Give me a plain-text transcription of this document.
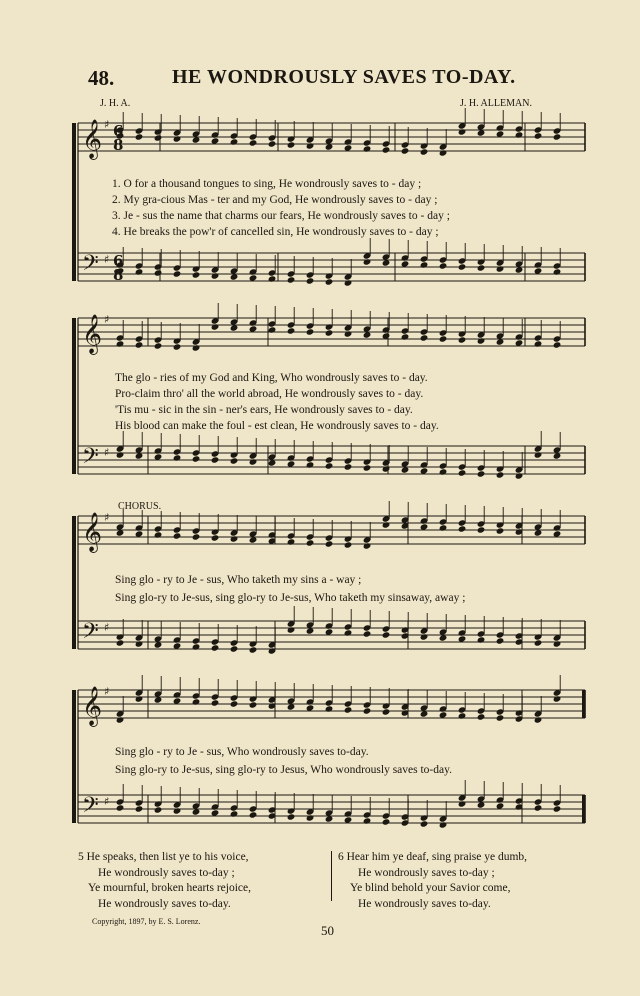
48.	HE WONDROUSLY SAVES TO-DAY.
J. H. A.	J. H. ALLEMAN.
𝄞 ♯
𝄢 ♯
𝄞 ♯
𝄢 ♯
𝄞 ♯
𝄢 ♯
𝄞 ♯
𝄢 ♯
6
8
6
8
1. O for a thousand tongues to sing, He wondrously saves to - day ;
2. My gra-cious Mas - ter and my God, He wondrously saves to - day ;
3. Je - sus the name that charms our fears, He wondrously saves to - day ;
4. He breaks the pow'r of cancelled sin, He wondrously saves to - day ;
The glo - ries of my God and King, Who wondrously saves to - day.
Pro-claim thro' all the world abroad, He wondrously saves to - day.
'Tis mu - sic in the sin - ner's ears, He wondrously saves to - day.
His blood can make the foul - est clean, He wondrously saves to - day.
CHORUS.
Sing glo - ry to Je - sus, Who taketh my sins a - way ;
Sing glo-ry to Je-sus, sing glo-ry to Je-sus, Who taketh my sinsaway, away ;
Sing glo - ry to Je - sus, Who wondrously saves to-day.
Sing glo-ry to Je-sus, sing glo-ry to Jesus, Who wondrously saves to-day.
5 He speaks, then list ye to his voice,
He wondrously saves to-day ;
Ye mournful, broken hearts rejoice,
He wondrously saves to-day.
6 Hear him ye deaf, sing praise ye dumb,
He wondrously saves to-day ;
Ye blind behold your Savior come,
He wondrously saves to-day.
Copyright, 1897, by E. S. Lorenz.
50
